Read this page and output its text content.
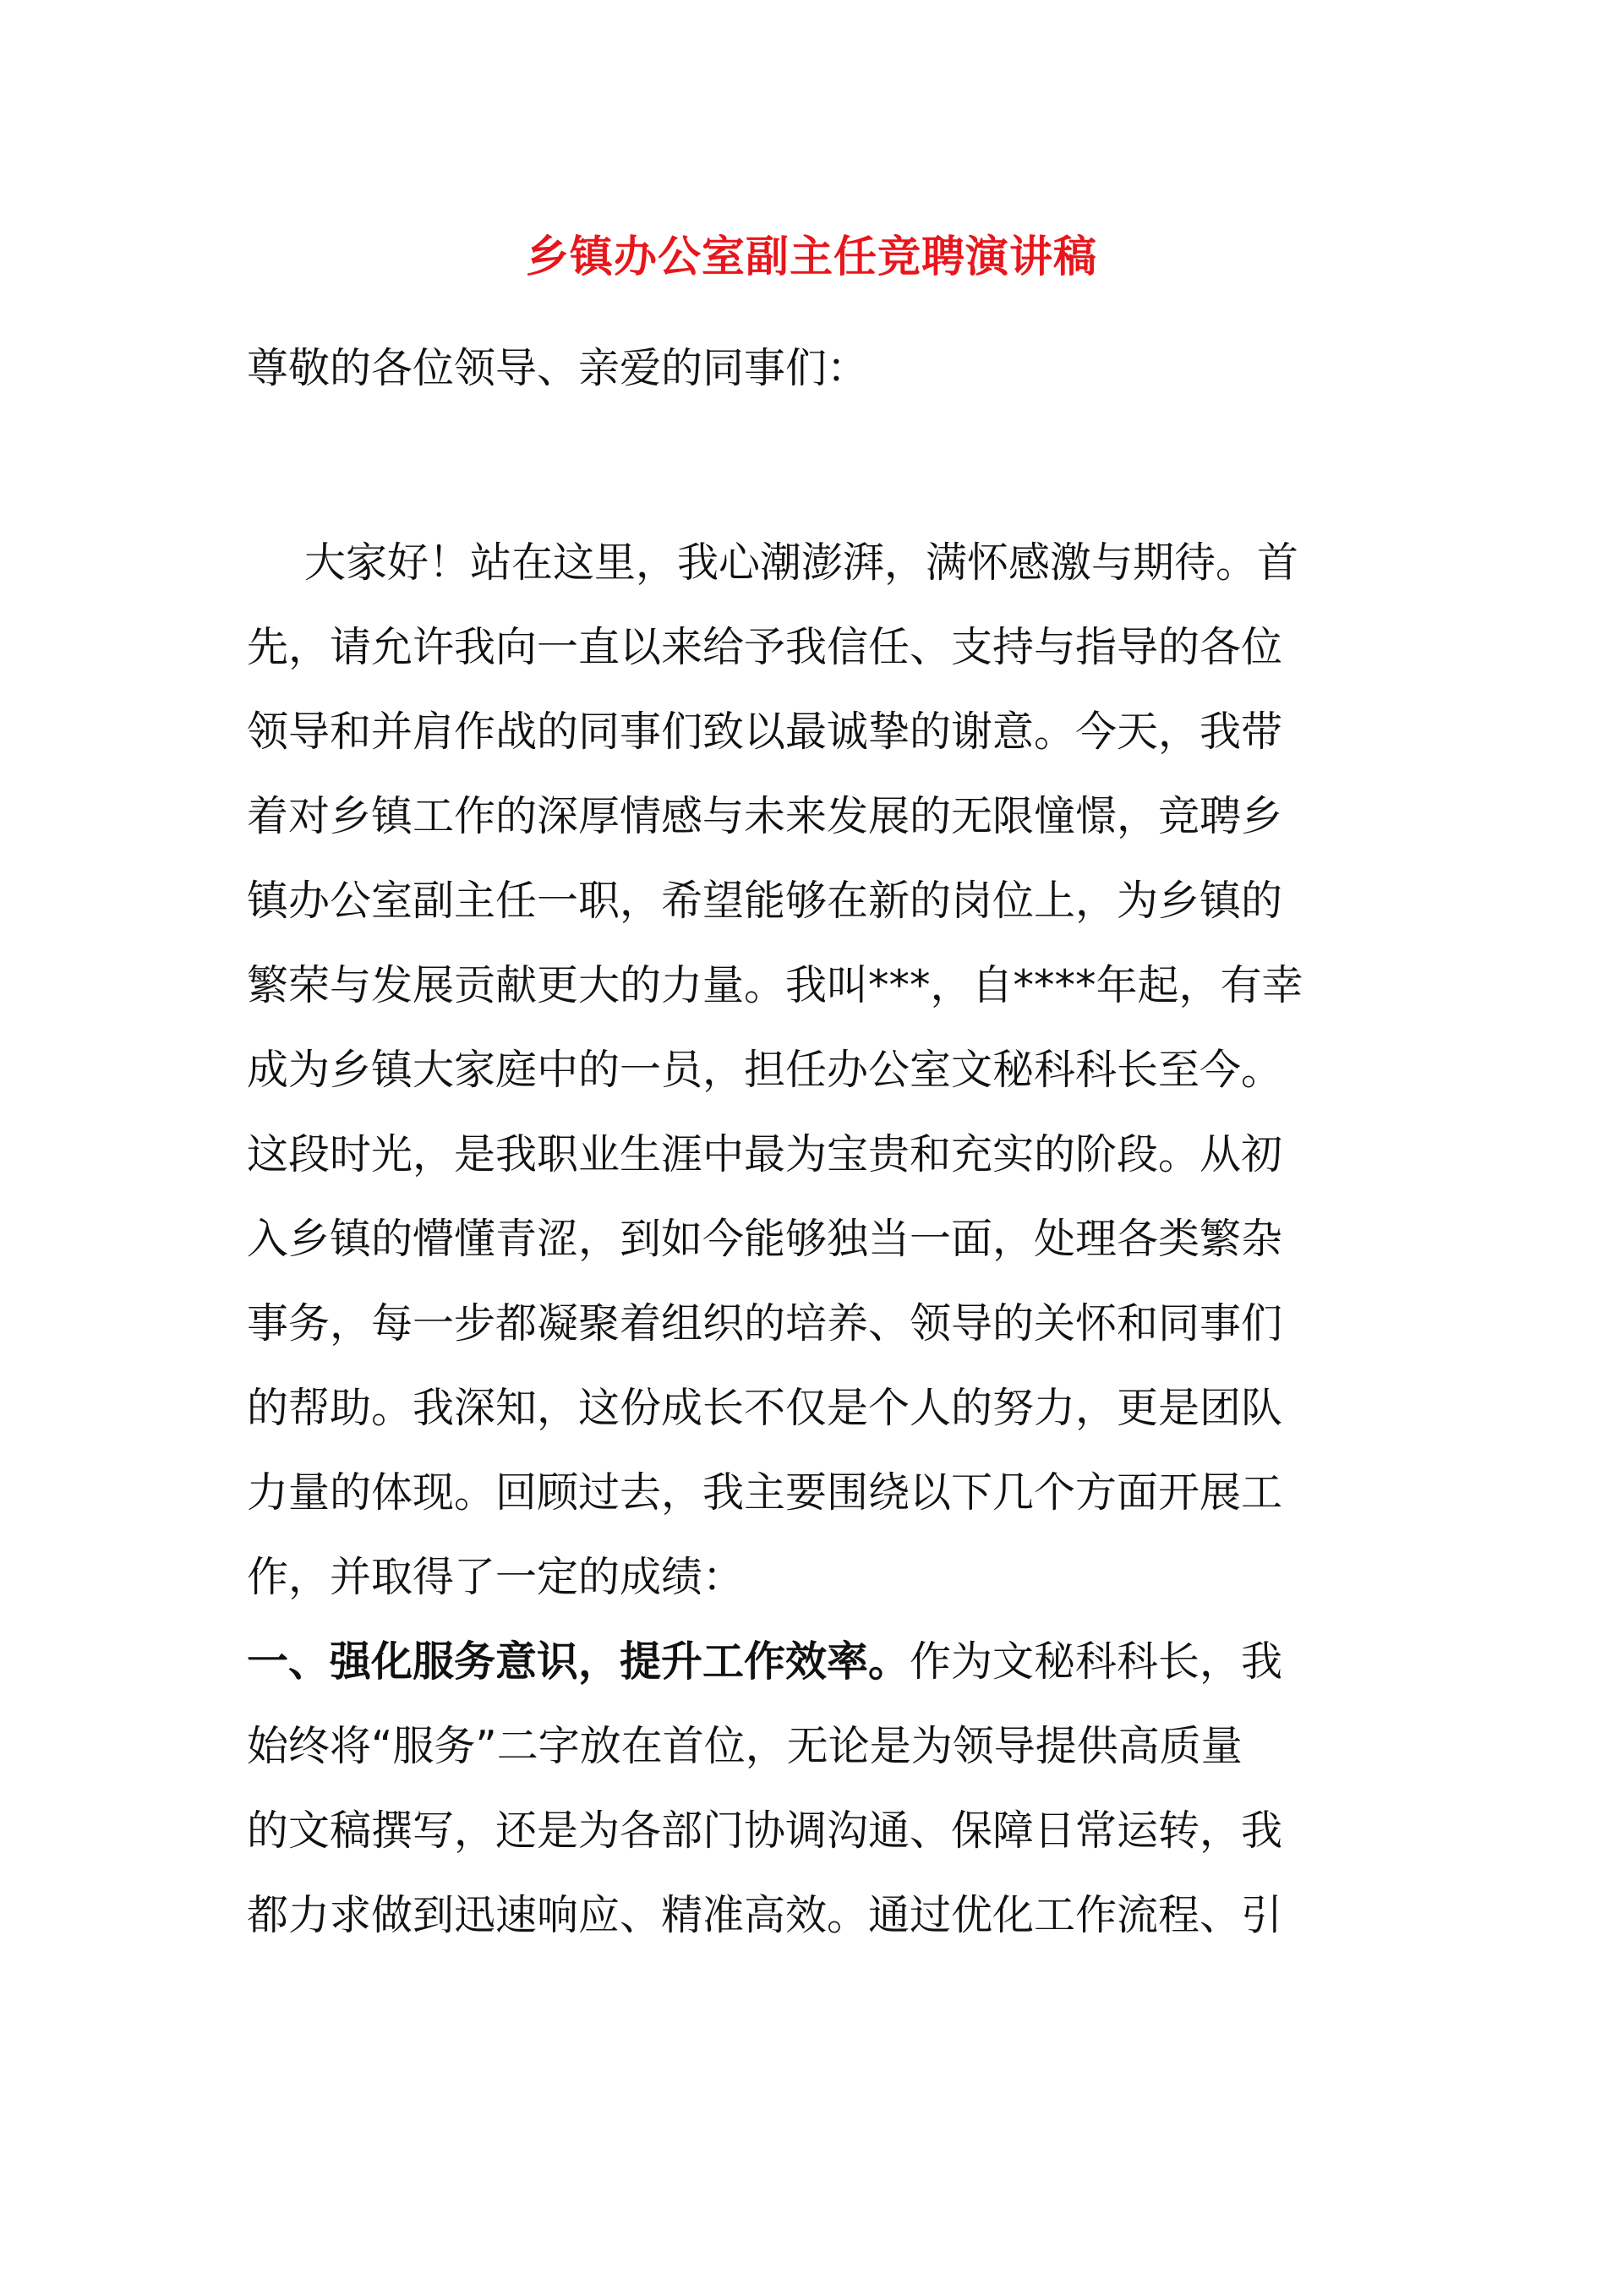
乡镇办公室副主任竞聘演讲稿

尊敬的各位领导、亲爱的同事们：

大家好！站在这里，我心潮澎湃，满怀感激与期待。首
先，请允许我向一直以来给予我信任、支持与指导的各位
领导和并肩作战的同事们致以最诚挚的谢意。今天，我带
着对乡镇工作的深厚情感与未来发展的无限憧憬，竞聘乡
镇办公室副主任一职，希望能够在新的岗位上，为乡镇的
繁荣与发展贡献更大的力量。我叫***，自****年起，有幸
成为乡镇大家庭中的一员，担任办公室文秘科科长至今。
这段时光，是我职业生涯中最为宝贵和充实的阶段。从初
入乡镇的懵懂青涩，到如今能够独当一面，处理各类繁杂
事务，每一步都凝聚着组织的培养、领导的关怀和同事们
的帮助。我深知，这份成长不仅是个人的努力，更是团队
力量的体现。回顾过去，我主要围绕以下几个方面开展工
作，并取得了一定的成绩：
一、强化服务意识，提升工作效率。作为文秘科科长，我
始终将“服务”二字放在首位，无论是为领导提供高质量
的文稿撰写，还是为各部门协调沟通、保障日常运转，我
都力求做到迅速响应、精准高效。通过优化工作流程、引
